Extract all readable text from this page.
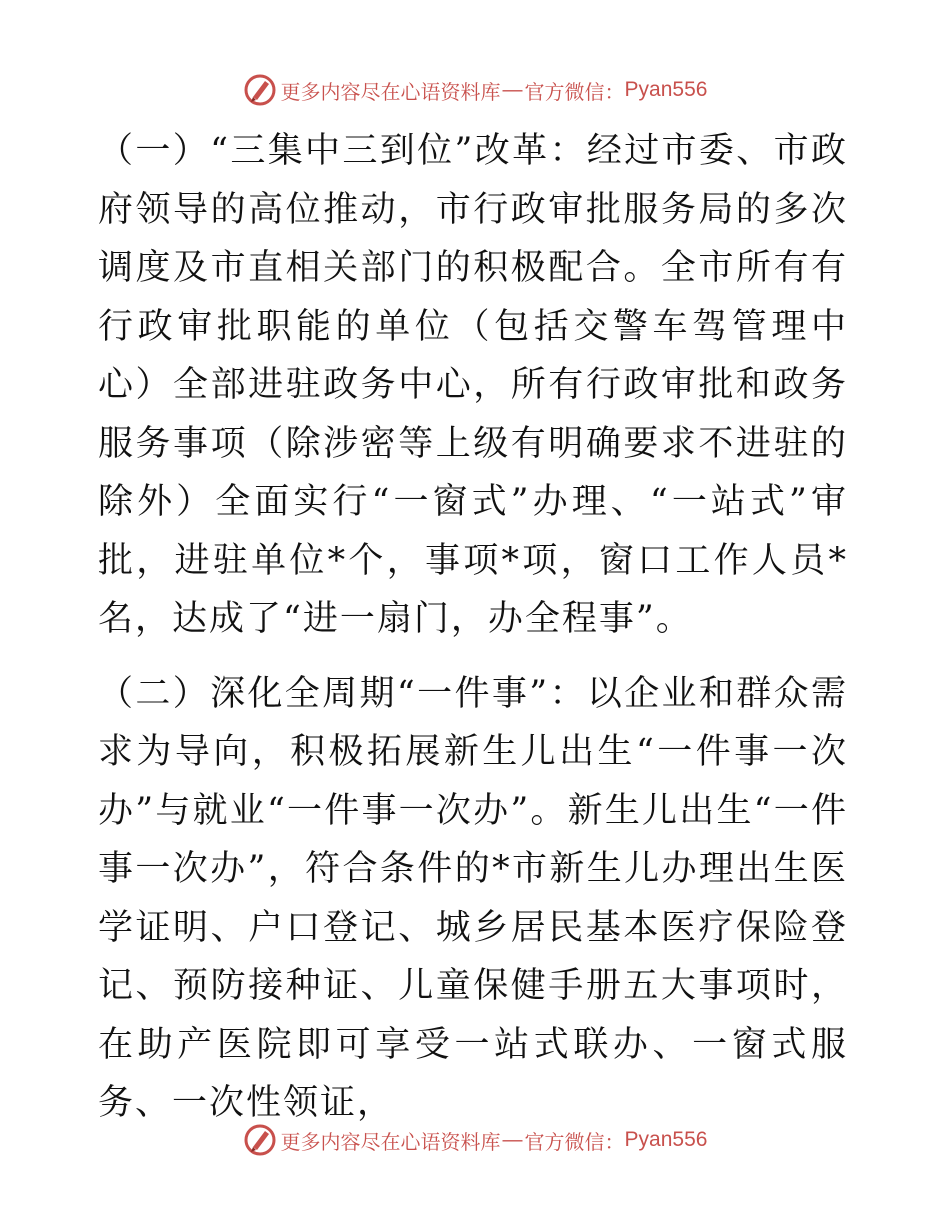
更多内容尽在心语资料库 — 官方微信： Pyan556

（一）“三集中三到位”改革：经过市委、市政府领导的高位推动，市行政审批服务局的多次调度及市直相关部门的积极配合。全市所有有行政审批职能的单位（包括交警车驾管理中心）全部进驻政务中心，所有行政审批和政务服务事项（除涉密等上级有明确要求不进驻的除外）全面实行“一窗式”办理、“一站式”审批，进驻单位*个，事项*项，窗口工作人员*名，达成了“进一扇门，办全程事”。

（二）深化全周期“一件事”：以企业和群众需求为导向，积极拓展新生儿出生“一件事一次办”与就业“一件事一次办”。新生儿出生“一件事一次办”，符合条件的*市新生儿办理出生医学证明、户口登记、城乡居民基本医疗保险登记、预防接种证、儿童保健手册五大事项时，在助产医院即可享受一站式联办、一窗式服务、一次性领证，

更多内容尽在心语资料库 — 官方微信： Pyan556
